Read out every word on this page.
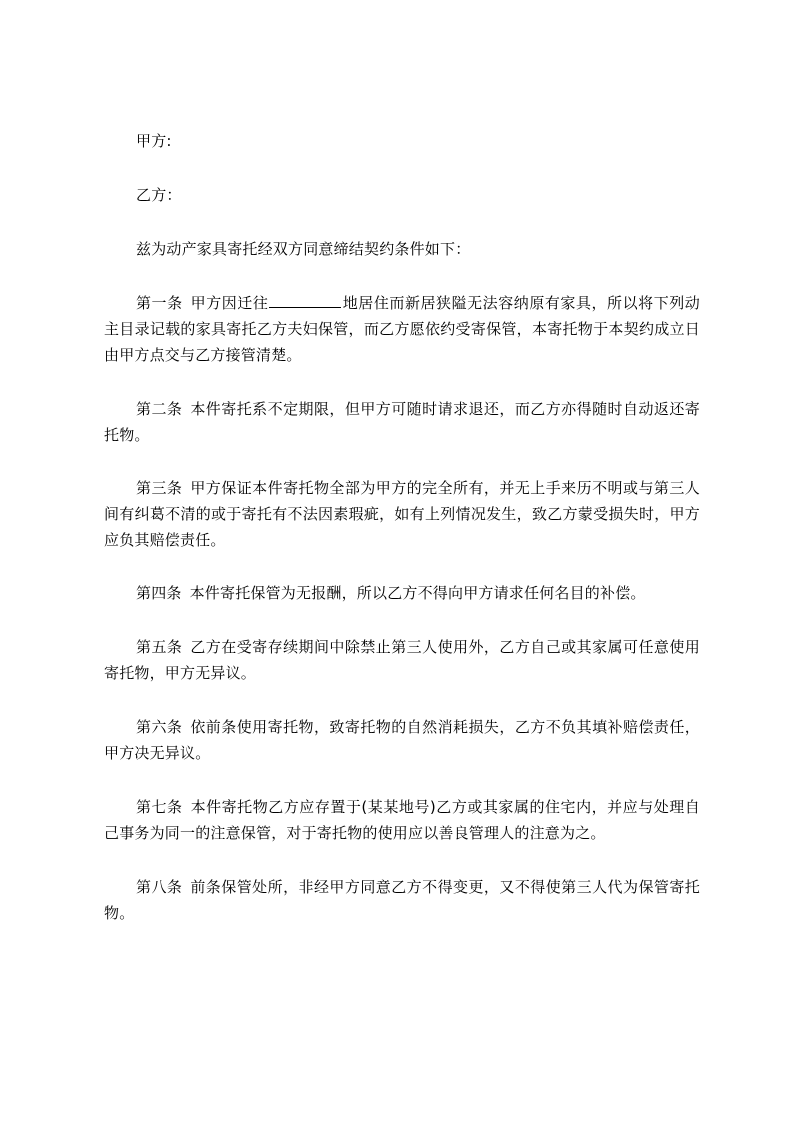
甲方:
乙方：
兹为动产家具寄托经双方同意缔结契约条件如下：
第一条 甲方因迁往	地居住而新居狭隘无法容纳原有家具，所以将下列动主目录记载的家具寄托乙方夫妇保管，而乙方愿依约受寄保管，本寄托物于本契约成立日由甲方点交与乙方接管清楚。
第二条 本件寄托系不定期限，但甲方可随时请求退还，而乙方亦得随时自动返还寄托物。
第三条 甲方保证本件寄托物全部为甲方的完全所有，并无上手来历不明或与第三人间有纠葛不清的或于寄托有不法因素瑕疵，如有上列情况发生，致乙方蒙受损失时，甲方应负其赔偿责任。
第四条 本件寄托保管为无报酬，所以乙方不得向甲方请求任何名目的补偿。
第五条 乙方在受寄存续期间中除禁止第三人使用外，乙方自己或其家属可任意使用寄托物，甲方无异议。
第六条 依前条使用寄托物，致寄托物的自然消耗损失，乙方不负其填补赔偿责任，甲方决无异议。
第七条 本件寄托物乙方应存置于(某某地号)乙方或其家属的住宅内，并应与处理自己事务为同一的注意保管，对于寄托物的使用应以善良管理人的注意为之。
第八条 前条保管处所，非经甲方同意乙方不得变更，又不得使第三人代为保管寄托物。
